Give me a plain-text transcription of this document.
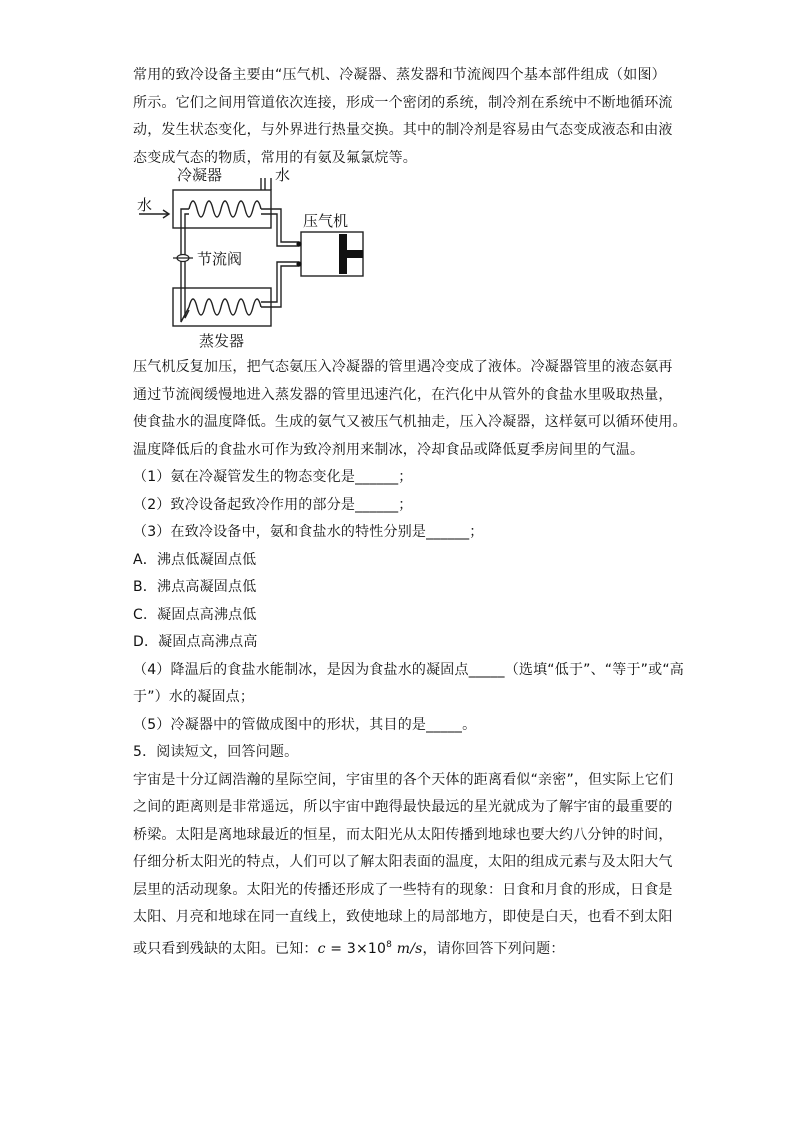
常用的致冷设备主要由“压气机、冷凝器、蒸发器和节流阀四个基本部件组成（如图）
所示。它们之间用管道依次连接，形成一个密闭的系统，制冷剂在系统中不断地循环流
动，发生状态变化，与外界进行热量交换。其中的制冷剂是容易由气态变成液态和由液
态变成气态的物质，常用的有氨及氟氯烷等。
冷凝器	水
水
节流阀
压气机
蒸发器
压气机反复加压，把气态氨压入冷凝器的管里遇冷变成了液体。冷凝器管里的液态氨再
通过节流阀缓慢地进入蒸发器的管里迅速汽化，在汽化中从管外的食盐水里吸取热量，
使食盐水的温度降低。生成的氨气又被压气机抽走，压入冷凝器，这样氨可以循环使用。
温度降低后的食盐水可作为致冷剂用来制冰，冷却食品或降低夏季房间里的气温。
（1）氨在冷凝管发生的物态变化是______；
（2）致冷设备起致冷作用的部分是______；
（3）在致冷设备中，氨和食盐水的特性分别是______；
A．沸点低凝固点低
B．沸点高凝固点低
C．凝固点高沸点低
D．凝固点高沸点高
（4）降温后的食盐水能制冰，是因为食盐水的凝固点_____（选填“低于”、“等于”或“高
于”）水的凝固点；
（5）冷凝器中的管做成图中的形状，其目的是_____。
5．阅读短文，回答问题。
宇宙是十分辽阔浩瀚的星际空间，宇宙里的各个天体的距离看似“亲密”，但实际上它们
之间的距离则是非常遥远，所以宇宙中跑得最快最远的星光就成为了解宇宙的最重要的
桥梁。太阳是离地球最近的恒星，而太阳光从太阳传播到地球也要大约八分钟的时间，
仔细分析太阳光的特点，人们可以了解太阳表面的温度，太阳的组成元素与及太阳大气
层里的活动现象。太阳光的传播还形成了一些特有的现象：日食和月食的形成，日食是
太阳、月亮和地球在同一直线上，致使地球上的局部地方，即使是白天，也看不到太阳
或只看到残缺的太阳。已知：$c = 3\times 10^8$ m/s，请你回答下列问题：
